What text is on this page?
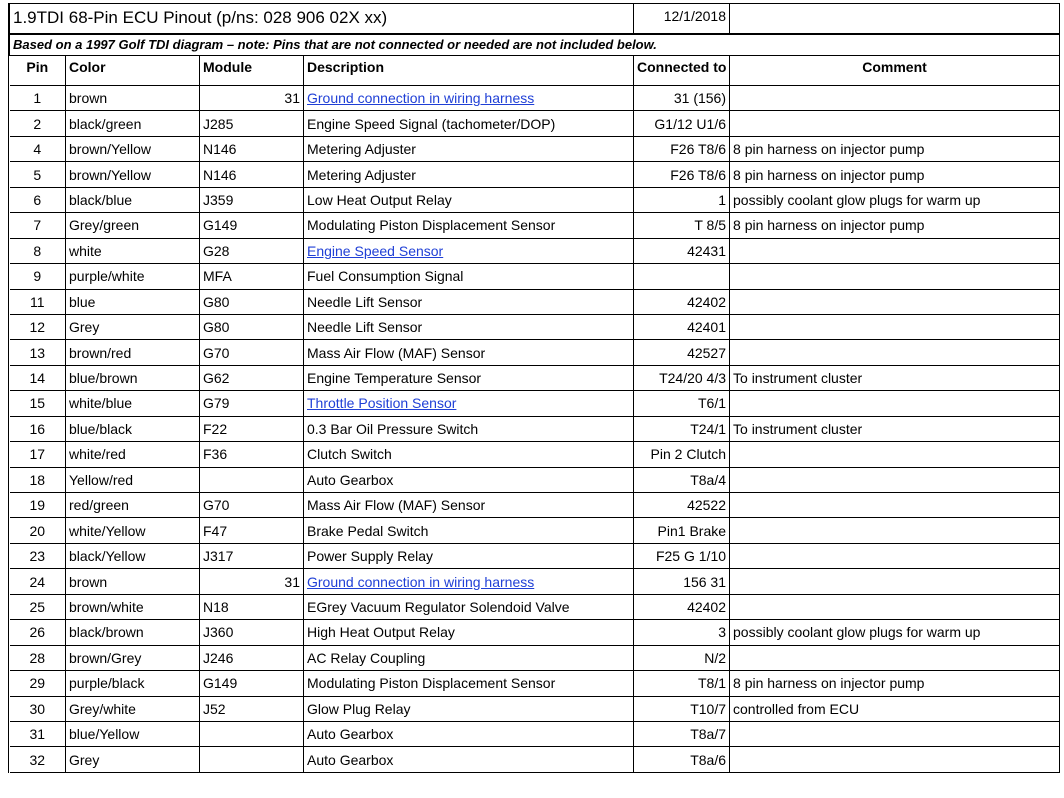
1.9TDI 68-Pin ECU Pinout (p/ns: 028 906 02X xx)				12/1/2018	
Based on a 1997 Golf TDI diagram – note: Pins that are not connected or needed are not included below.					
Pin	Color	Module	Description	Connected to	Comment
1	brown	31	Ground connection in wiring harness	31 (156)	
2	black/green	J285	Engine Speed Signal (tachometer/DOP)	G1/12 U1/6	
4	brown/Yellow	N146	Metering Adjuster	F26 T8/6	8 pin harness on injector pump
5	brown/Yellow	N146	Metering Adjuster	F26 T8/6	8 pin harness on injector pump
6	black/blue	J359	Low Heat Output Relay	1	possibly coolant glow plugs for warm up
7	Grey/green	G149	Modulating Piston Displacement Sensor	T 8/5	8 pin harness on injector pump
8	white	G28	Engine Speed Sensor	42431	
9	purple/white	MFA	Fuel Consumption Signal		
11	blue	G80	Needle Lift Sensor	42402	
12	Grey	G80	Needle Lift Sensor	42401	
13	brown/red	G70	Mass Air Flow (MAF) Sensor	42527	
14	blue/brown	G62	Engine Temperature Sensor	T24/20 4/3	To instrument cluster
15	white/blue	G79	Throttle Position Sensor	T6/1	
16	blue/black	F22	0.3 Bar Oil Pressure Switch	T24/1	To instrument cluster
17	white/red	F36	Clutch Switch	Pin 2 Clutch	
18	Yellow/red		Auto Gearbox	T8a/4	
19	red/green	G70	Mass Air Flow (MAF) Sensor	42522	
20	white/Yellow	F47	Brake Pedal Switch	Pin1 Brake	
23	black/Yellow	J317	Power Supply Relay	F25 G 1/10	
24	brown	31	Ground connection in wiring harness	156 31	
25	brown/white	N18	EGrey Vacuum Regulator Solendoid Valve	42402	
26	black/brown	J360	High Heat Output Relay	3	possibly coolant glow plugs for warm up
28	brown/Grey	J246	AC Relay Coupling	N/2	
29	purple/black	G149	Modulating Piston Displacement Sensor	T8/1	8 pin harness on injector pump
30	Grey/white	J52	Glow Plug Relay	T10/7	controlled from ECU
31	blue/Yellow		Auto Gearbox	T8a/7	
32	Grey		Auto Gearbox	T8a/6	
